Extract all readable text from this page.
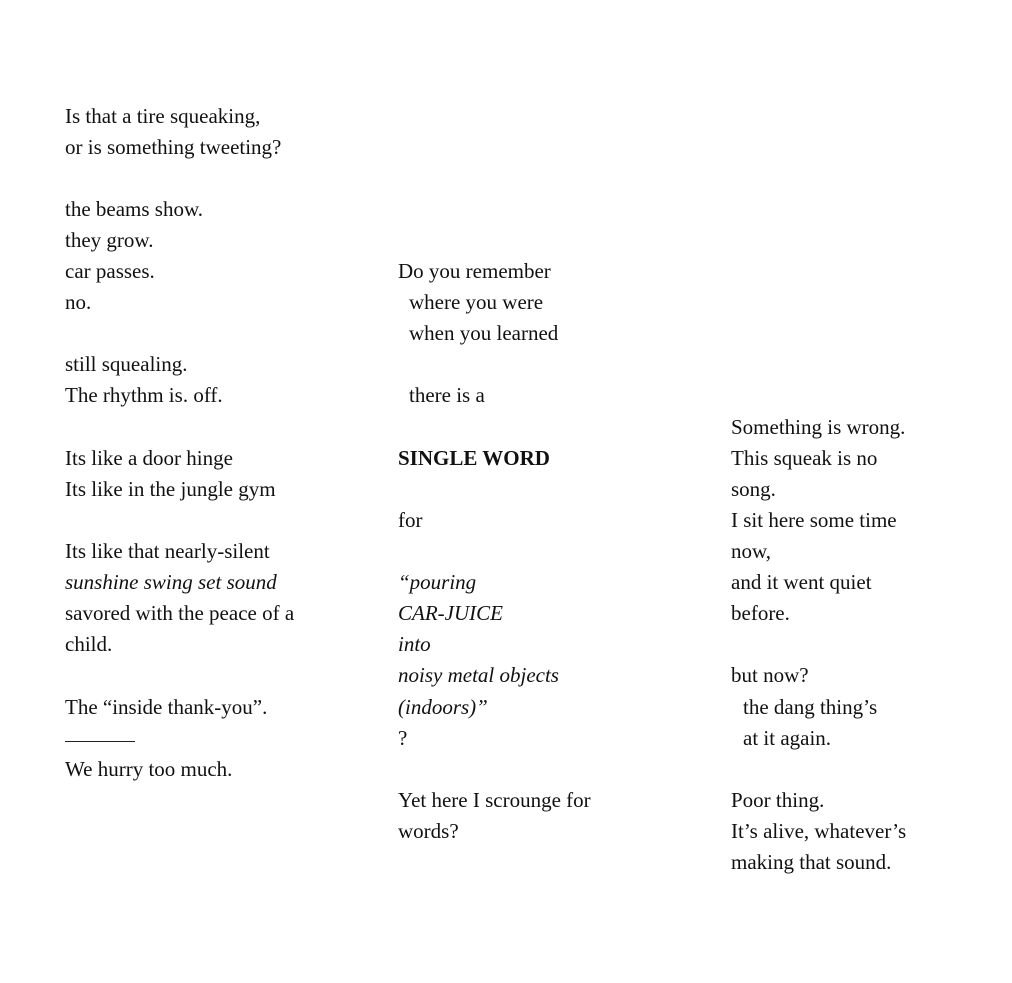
Is that a tire squeaking,
or is something tweeting?
the beams show.
they grow.
car passes.
no.
still squealing.
The rhythm is. off.
Its like a door hinge
Its like in the jungle gym
Its like that nearly-silent
sunshine swing set sound
savored with the peace of a
child.
The “inside thank-you”.
We hurry too much.
Do you remember
where you were
when you learned
there is a
SINGLE WORD
for
“pouring
CAR-JUICE
into
noisy metal objects
(indoors)”
?
Yet here I scrounge for
words?
Something is wrong.
This squeak is no
song.
I sit here some time
now,
and it went quiet
before.
but now?
the dang thing’s
at it again.
Poor thing.
It’s alive, whatever’s
making that sound.
